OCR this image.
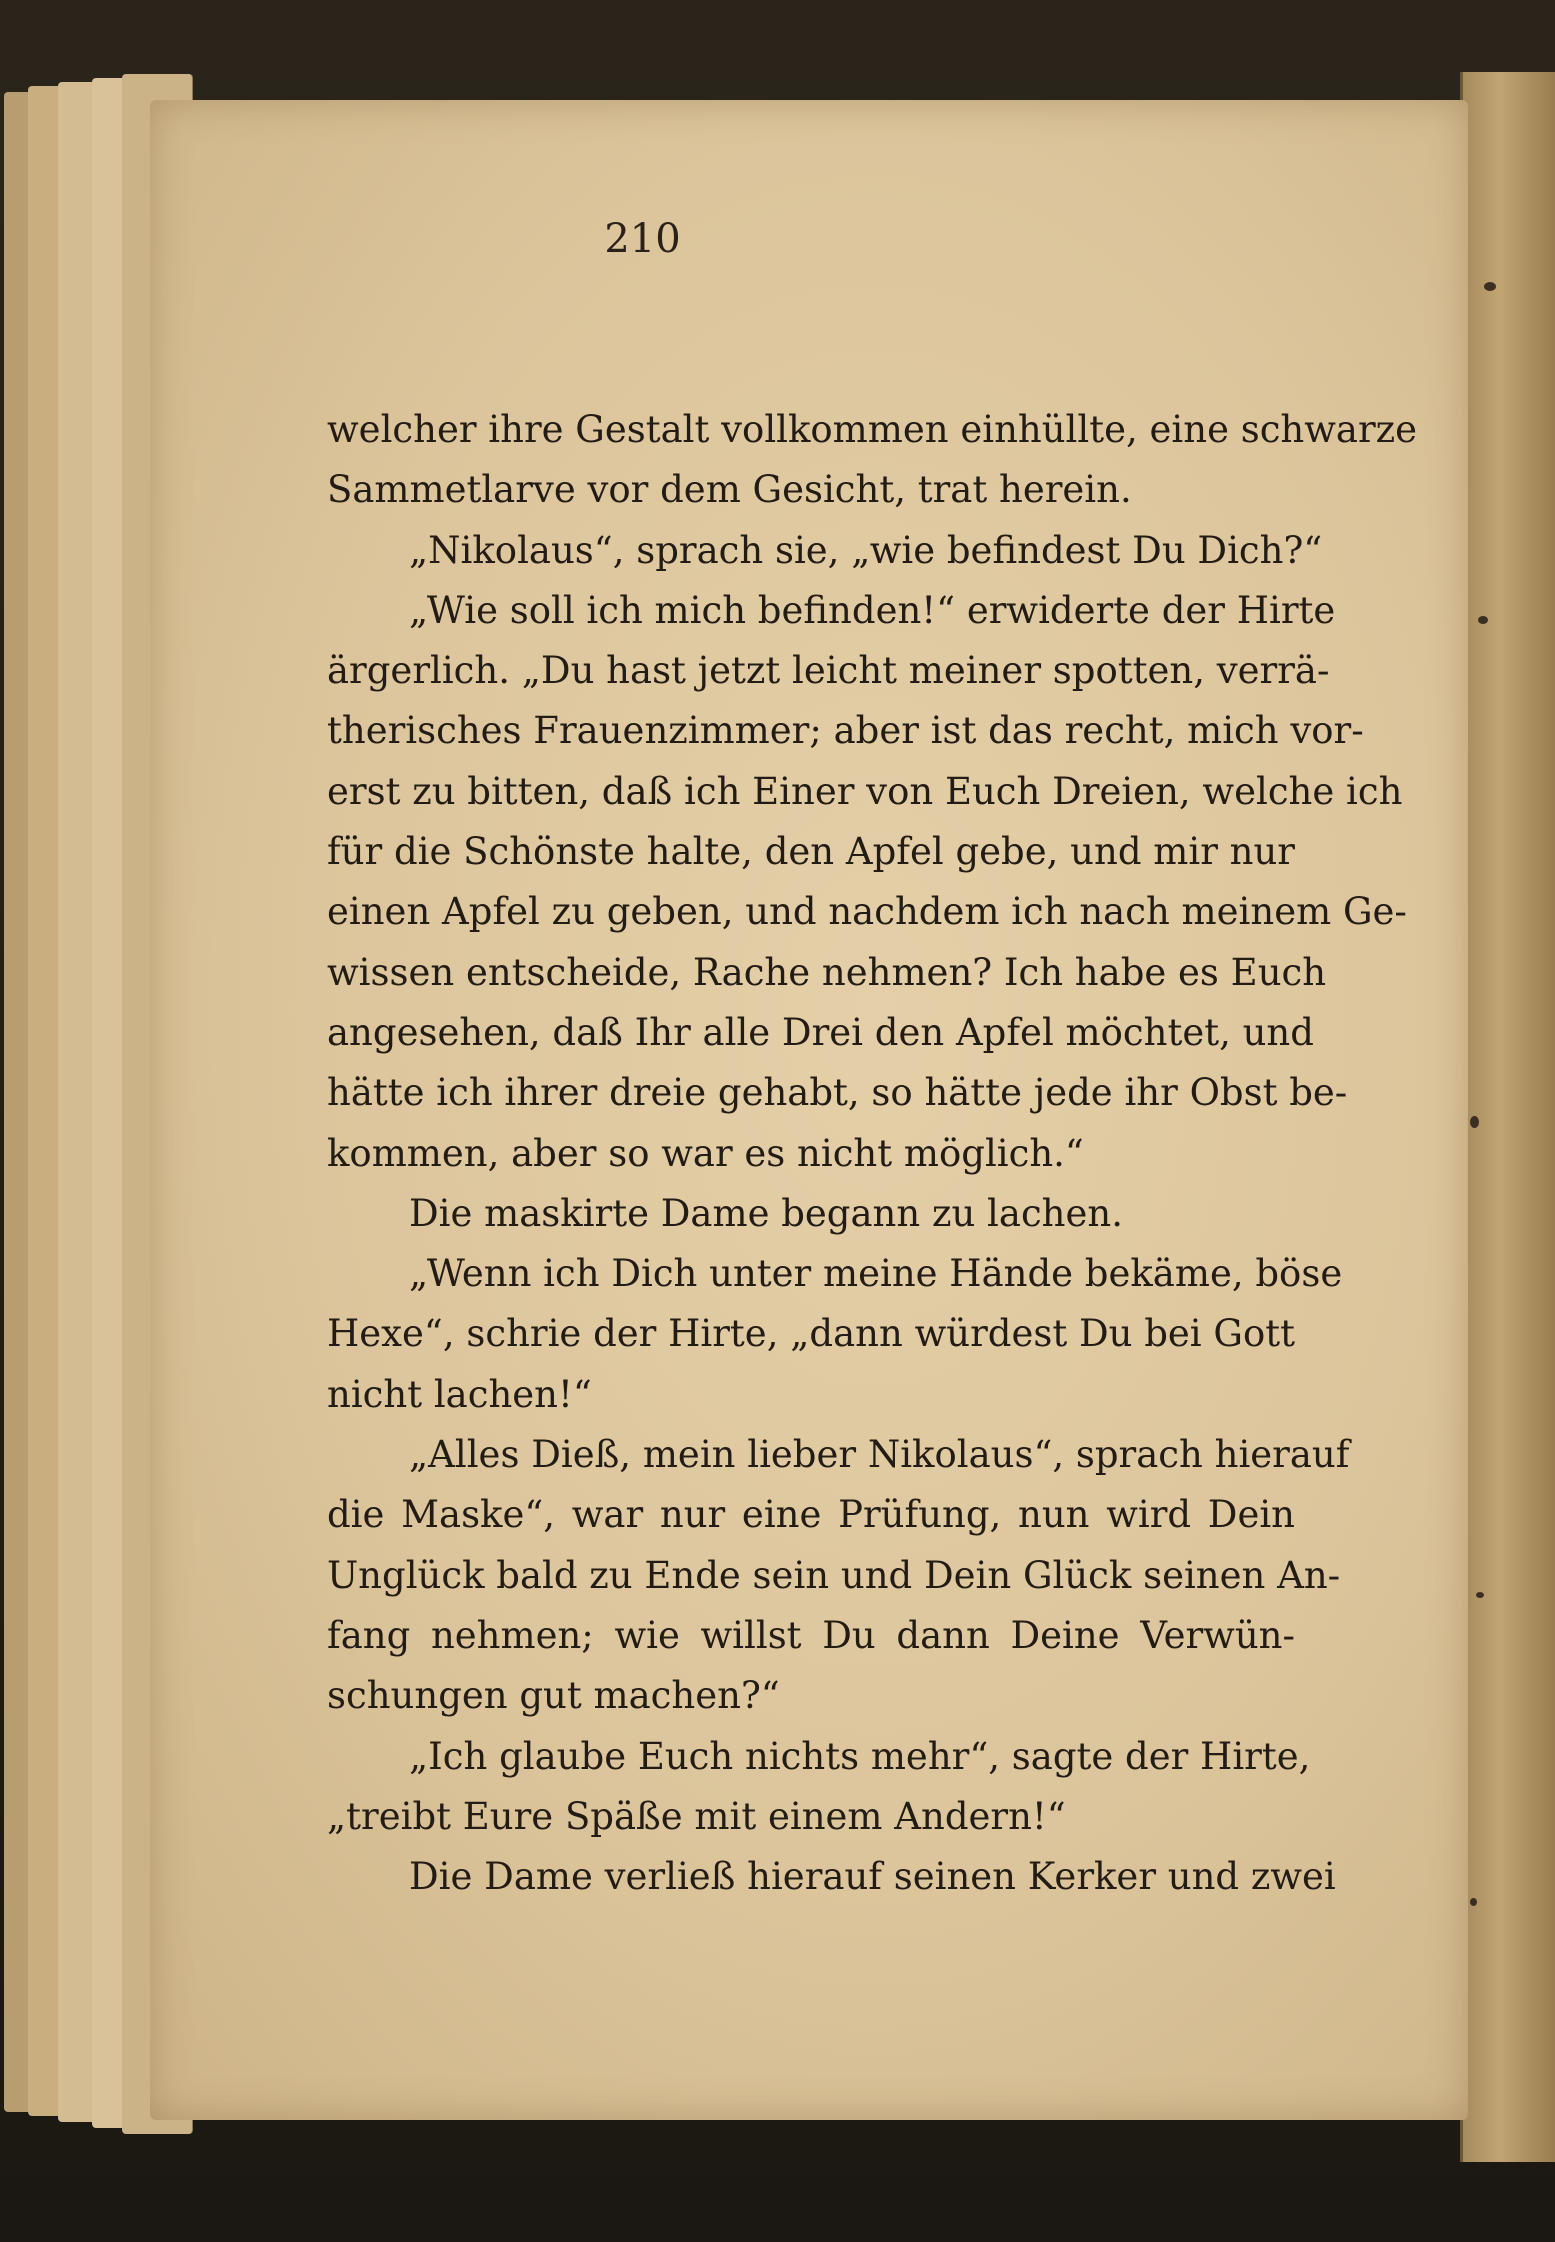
210
welcher ihre Gestalt vollkommen einhüllte, eine schwarze
Sammetlarve vor dem Gesicht, trat herein.
„Nikolaus“, sprach sie, „wie befindest Du Dich?“
„Wie soll ich mich befinden!“ erwiderte der Hirte
ärgerlich. „Du hast jetzt leicht meiner spotten, verrä-
therisches Frauenzimmer; aber ist das recht, mich vor-
erst zu bitten, daß ich Einer von Euch Dreien, welche ich
für die Schönste halte, den Apfel gebe, und mir nur
einen Apfel zu geben, und nachdem ich nach meinem Ge-
wissen entscheide, Rache nehmen? Ich habe es Euch
angesehen, daß Ihr alle Drei den Apfel möchtet, und
hätte ich ihrer dreie gehabt, so hätte jede ihr Obst be-
kommen, aber so war es nicht möglich.“
Die maskirte Dame begann zu lachen.
„Wenn ich Dich unter meine Hände bekäme, böse
Hexe“, schrie der Hirte, „dann würdest Du bei Gott
nicht lachen!“
„Alles Dieß, mein lieber Nikolaus“, sprach hierauf
die Maske“, war nur eine Prüfung, nun wird Dein
Unglück bald zu Ende sein und Dein Glück seinen An-
fang nehmen; wie willst Du dann Deine Verwün-
schungen gut machen?“
„Ich glaube Euch nichts mehr“, sagte der Hirte,
„treibt Eure Späße mit einem Andern!“
Die Dame verließ hierauf seinen Kerker und zwei
